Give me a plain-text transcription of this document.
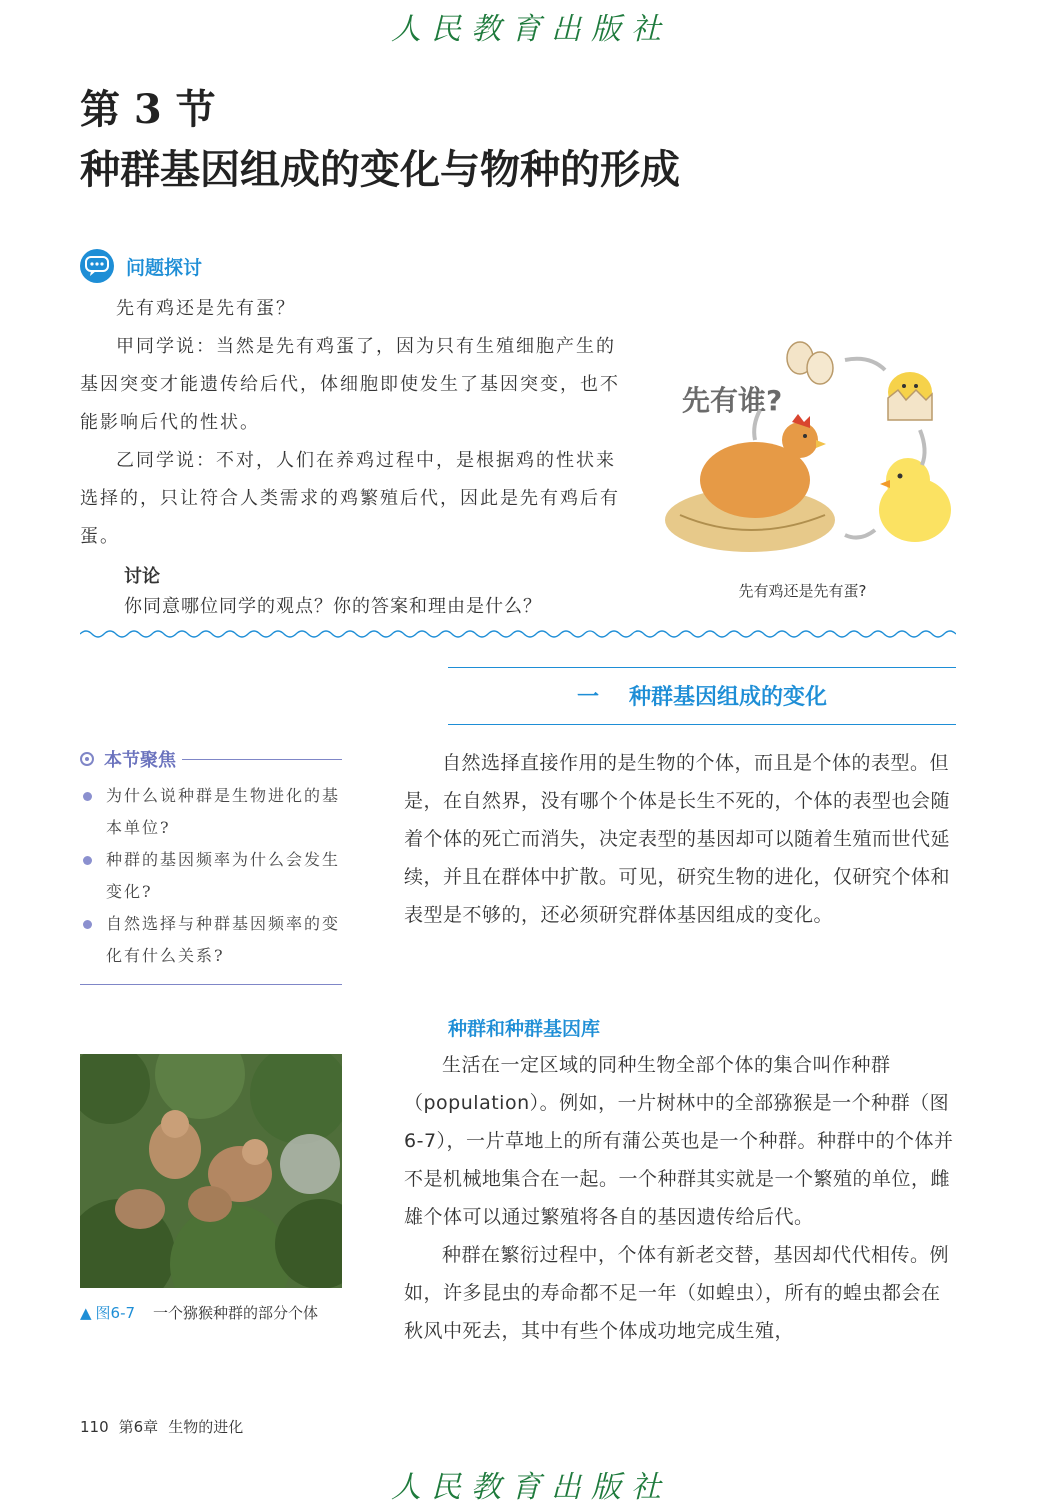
人民教育出版社
第 3 节
种群基因组成的变化与物种的形成
问题探讨

先有鸡还是先有蛋？

甲同学说：当然是先有鸡蛋了，因为只有生殖细胞产生的基因突变才能遗传给后代，体细胞即使发生了基因突变，也不能影响后代的性状。

乙同学说：不对，人们在养鸡过程中，是根据鸡的性状来选择的，只让符合人类需求的鸡繁殖后代，因此是先有鸡后有蛋。

讨论
你同意哪位同学的观点？你的答案和理由是什么？
先有谁?
先有鸡还是先有蛋?
一 种群基因组成的变化
本节聚焦
为什么说种群是生物进化的基本单位?
种群的基因频率为什么会发生变化?
自然选择与种群基因频率的变化有什么关系?

自然选择直接作用的是生物的个体，而且是个体的表型。但是，在自然界，没有哪个个体是长生不死的，个体的表型也会随着个体的死亡而消失，决定表型的基因却可以随着生殖而世代延续，并且在群体中扩散。可见，研究生物的进化，仅研究个体和表型是不够的，还必须研究群体基因组成的变化。

种群和种群基因库

生活在一定区域的同种生物全部个体的集合叫作种群（population）。例如，一片树林中的全部猕猴是一个种群（图6-7），一片草地上的所有蒲公英也是一个种群。种群中的个体并不是机械地集合在一起。一个种群其实就是一个繁殖的单位，雌雄个体可以通过繁殖将各自的基因遗传给后代。

种群在繁衍过程中，个体有新老交替，基因却代代相传。例如，许多昆虫的寿命都不足一年（如蝗虫），所有的蝗虫都会在秋风中死去，其中有些个体成功地完成生殖，

▲ 图6-7 一个猕猴种群的部分个体
110 第6章 生物的进化
人民教育出版社
